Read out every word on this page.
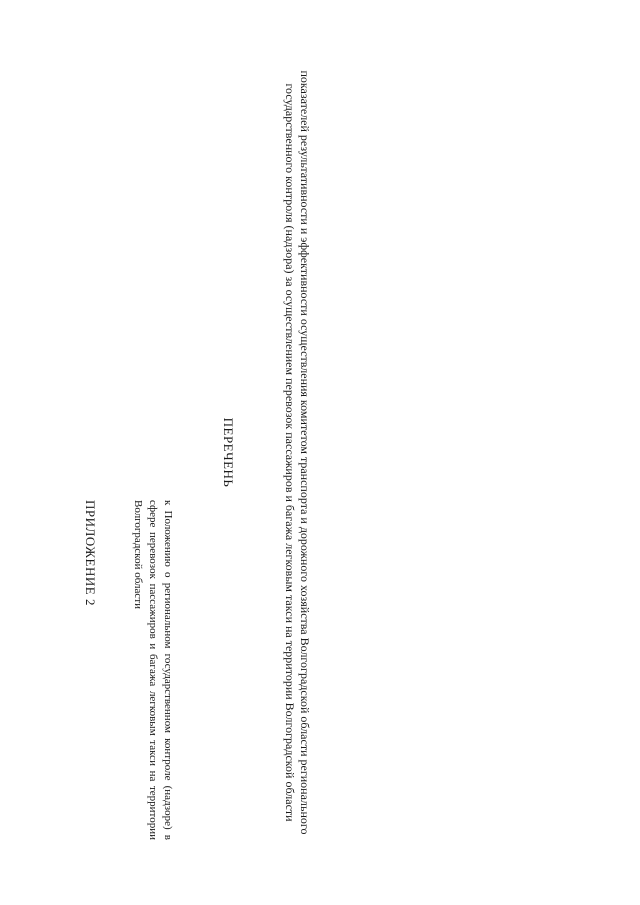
ПРИЛОЖЕНИЕ 2	к Положению о региональном государственном контроле (надзоре) в сфере перевозок пассажиров и багажа легковым такси на территории Волгоградской области
ПЕРЕЧЕНЬ	показателей результативности и эффективности осуществления комитетом транспорта и дорожного хозяйства Волгоградской области регионального государственного контроля (надзора) за осуществлением перевозок пассажиров и багажа легковым такси на территории Волгоградской области
